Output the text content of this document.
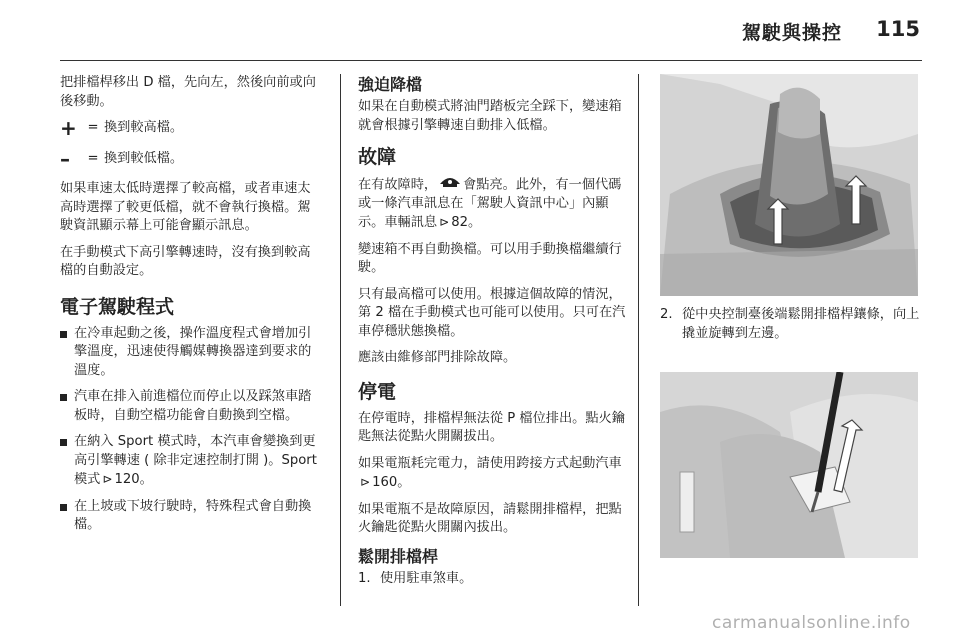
駕駛與操控 115

把排檔桿移出 D 檔，先向左，然後向前或向後移動。

+ = 換到較高檔。
–	= 換到較低檔。

如果車速太低時選擇了較高檔，或者車速太高時選擇了較更低檔，就不會執行換檔。駕駛資訊顯示幕上可能會顯示訊息。

在手動模式下高引擎轉速時，沒有換到較高檔的自動設定。

電子駕駛程式
在冷車起動之後，操作溫度程式會增加引擎溫度，迅速使得觸媒轉換器達到要求的溫度。
汽車在排入前進檔位而停止以及踩煞車踏板時，自動空檔功能會自動換到空檔。
在納入 Sport 模式時，本汽車會變換到更高引擎轉速 ( 除非定速控制打開 )。Sport 模式 ⊳ 120。
在上坡或下坡行駛時，特殊程式會自動換檔。
強迫降檔

如果在自動模式將油門踏板完全踩下，變速箱就會根據引擎轉速自動排入低檔。

故障

在有故障時， 會點亮。此外，有一個代碼或一條汽車訊息在「駕駛人資訊中心」內顯示。車輛訊息 ⊳ 82。

變速箱不再自動換檔。可以用手動換檔繼續行駛。

只有最高檔可以使用。根據這個故障的情況，第 2 檔在手動模式也可能可以使用。只可在汽車停穩狀態換檔。

應該由維修部門排除故障。

停電

在停電時，排檔桿無法從 P 檔位排出。點火鑰匙無法從點火開關拔出。

如果電瓶耗完電力，請使用跨接方式起動汽車⊳ 160。

如果電瓶不是故障原因，請鬆開排檔桿，把點火鑰匙從點火開關內拔出。

鬆開排檔桿
1. 使用駐車煞車。
2. 從中央控制臺後端鬆開排檔桿鑲條，向上撬並旋轉到左邊。
carmanualsonline.info
